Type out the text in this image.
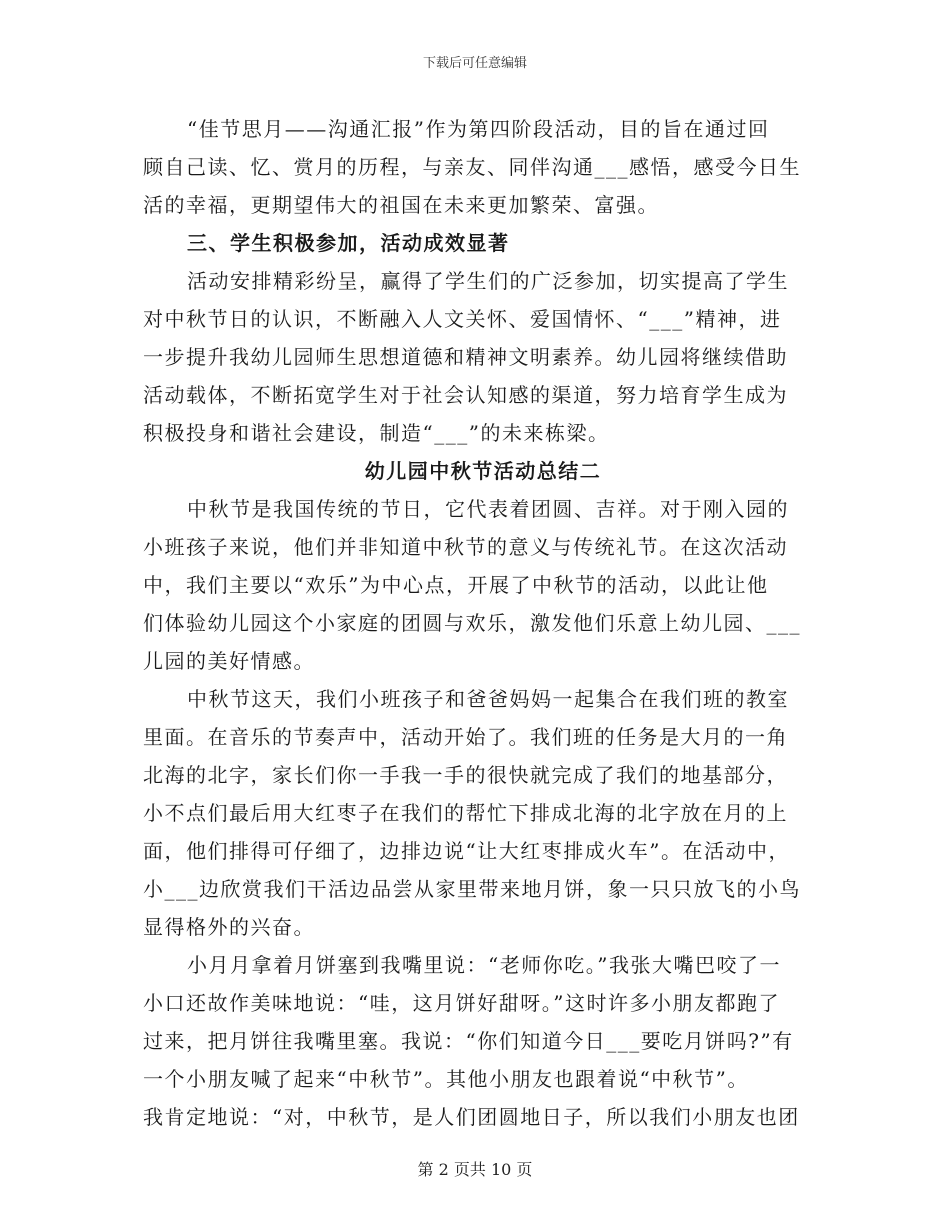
下载后可任意编辑
“佳节思月——沟通汇报”作为第四阶段活动，目的旨在通过回
顾自己读、忆、赏月的历程，与亲友、同伴沟通___感悟，感受今日生
活的幸福，更期望伟大的祖国在未来更加繁荣、富强。
三、学生积极参加，活动成效显著
活动安排精彩纷呈，赢得了学生们的广泛参加，切实提高了学生
对中秋节日的认识，不断融入人文关怀、爱国情怀、“___”精神，进
一步提升我幼儿园师生思想道德和精神文明素养。幼儿园将继续借助
活动载体，不断拓宽学生对于社会认知感的渠道，努力培育学生成为
积极投身和谐社会建设，制造“___”的未来栋梁。
幼儿园中秋节活动总结二
中秋节是我国传统的节日，它代表着团圆、吉祥。对于刚入园的
小班孩子来说，他们并非知道中秋节的意义与传统礼节。在这次活动
中，我们主要以“欢乐”为中心点，开展了中秋节的活动，以此让他
们体验幼儿园这个小家庭的团圆与欢乐，激发他们乐意上幼儿园、___
儿园的美好情感。
中秋节这天，我们小班孩子和爸爸妈妈一起集合在我们班的教室
里面。在音乐的节奏声中，活动开始了。我们班的任务是大月的一角
北海的北字，家长们你一手我一手的很快就完成了我们的地基部分，
小不点们最后用大红枣子在我们的帮忙下排成北海的北字放在月的上
面，他们排得可仔细了，边排边说“让大红枣排成火车”。在活动中，
小___边欣赏我们干活边品尝从家里带来地月饼，象一只只放飞的小鸟
显得格外的兴奋。
小月月拿着月饼塞到我嘴里说：“老师你吃。”我张大嘴巴咬了一
小口还故作美味地说：“哇，这月饼好甜呀。”这时许多小朋友都跑了
过来，把月饼往我嘴里塞。我说：“你们知道今日___要吃月饼吗?”有
一个小朋友喊了起来“中秋节”。其他小朋友也跟着说“中秋节”。
我肯定地说：“对，中秋节，是人们团圆地日子，所以我们小朋友也团
第 2 页共 10 页
